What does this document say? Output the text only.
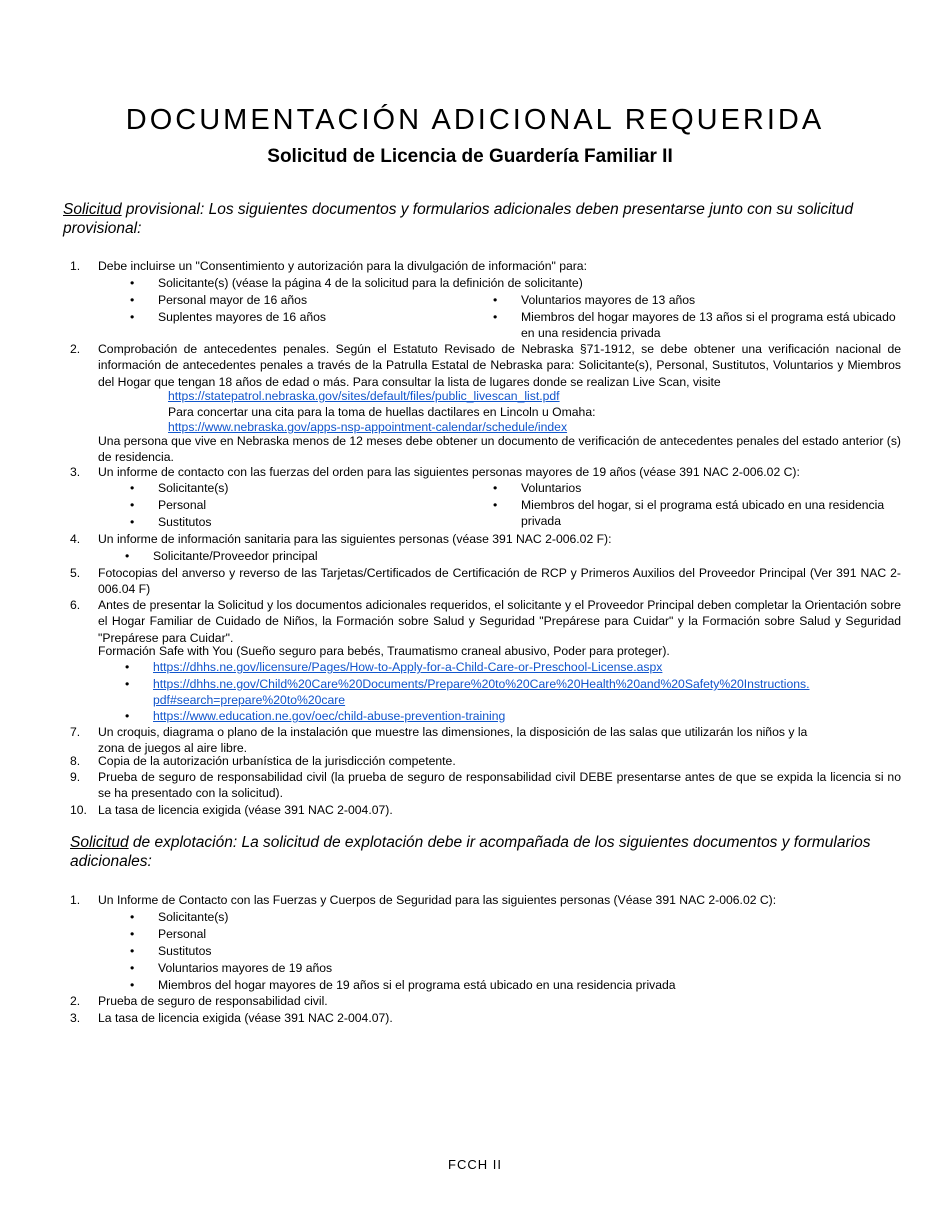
DOCUMENTACIÓN ADICIONAL REQUERIDA
Solicitud de Licencia de Guardería Familiar II
Solicitud provisional: Los siguientes documentos y formularios adicionales deben presentarse junto con su solicitud provisional:
1. Debe incluirse un "Consentimiento y autorización para la divulgación de información" para:
• Solicitante(s) (véase la página 4 de la solicitud para la definición de solicitante)
• Personal mayor de 16 años
• Suplentes mayores de 16 años
• Voluntarios mayores de 13 años
• Miembros del hogar mayores de 13 años si el programa está ubicado en una residencia privada
2. Comprobación de antecedentes penales. Según el Estatuto Revisado de Nebraska §71-1912, se debe obtener una verificación nacional de información de antecedentes penales a través de la Patrulla Estatal de Nebraska para: Solicitante(s), Personal, Sustitutos, Voluntarios y Miembros del Hogar que tengan 18 años de edad o más. Para consultar la lista de lugares donde se realizan Live Scan, visite
https://statepatrol.nebraska.gov/sites/default/files/public_livescan_list.pdf
Para concertar una cita para la toma de huellas dactilares en Lincoln u Omaha:
https://www.nebraska.gov/apps-nsp-appointment-calendar/schedule/index
Una persona que vive en Nebraska menos de 12 meses debe obtener un documento de verificación de antecedentes penales del estado anterior (s) de residencia.
3. Un informe de contacto con las fuerzas del orden para las siguientes personas mayores de 19 años (véase 391 NAC 2-006.02 C):
• Solicitante(s)
• Personal
• Sustitutos
• Voluntarios
• Miembros del hogar, si el programa está ubicado en una residencia privada
4. Un informe de información sanitaria para las siguientes personas (véase 391 NAC 2-006.02 F):
• Solicitante/Proveedor principal
5. Fotocopias del anverso y reverso de las Tarjetas/Certificados de Certificación de RCP y Primeros Auxilios del Proveedor Principal (Ver 391 NAC 2-006.04 F)
6. Antes de presentar la Solicitud y los documentos adicionales requeridos, el solicitante y el Proveedor Principal deben completar la Orientación sobre el Hogar Familiar de Cuidado de Niños, la Formación sobre Salud y Seguridad "Prepárese para Cuidar" y la Formación sobre Salud y Seguridad "Prepárese para Cuidar".
Formación Safe with You (Sueño seguro para bebés, Traumatismo craneal abusivo, Poder para proteger).
• https://dhhs.ne.gov/licensure/Pages/How-to-Apply-for-a-Child-Care-or-Preschool-License.aspx
• https://dhhs.ne.gov/Child%20Care%20Documents/Prepare%20to%20Care%20Health%20and%20Safety%20Instructions.pdf#search=prepare%20to%20care
• https://www.education.ne.gov/oec/child-abuse-prevention-training
7. Un croquis, diagrama o plano de la instalación que muestre las dimensiones, la disposición de las salas que utilizarán los niños y la zona de juegos al aire libre.
8. Copia de la autorización urbanística de la jurisdicción competente.
9. Prueba de seguro de responsabilidad civil (la prueba de seguro de responsabilidad civil DEBE presentarse antes de que se expida la licencia si no se ha presentado con la solicitud).
10. La tasa de licencia exigida (véase 391 NAC 2-004.07).
Solicitud de explotación: La solicitud de explotación debe ir acompañada de los siguientes documentos y formularios adicionales:
1. Un Informe de Contacto con las Fuerzas y Cuerpos de Seguridad para las siguientes personas (Véase 391 NAC 2-006.02 C):
• Solicitante(s)
• Personal
• Sustitutos
• Voluntarios mayores de 19 años
• Miembros del hogar mayores de 19 años si el programa está ubicado en una residencia privada
2. Prueba de seguro de responsabilidad civil.
3. La tasa de licencia exigida (véase 391 NAC 2-004.07).
FCCH II
